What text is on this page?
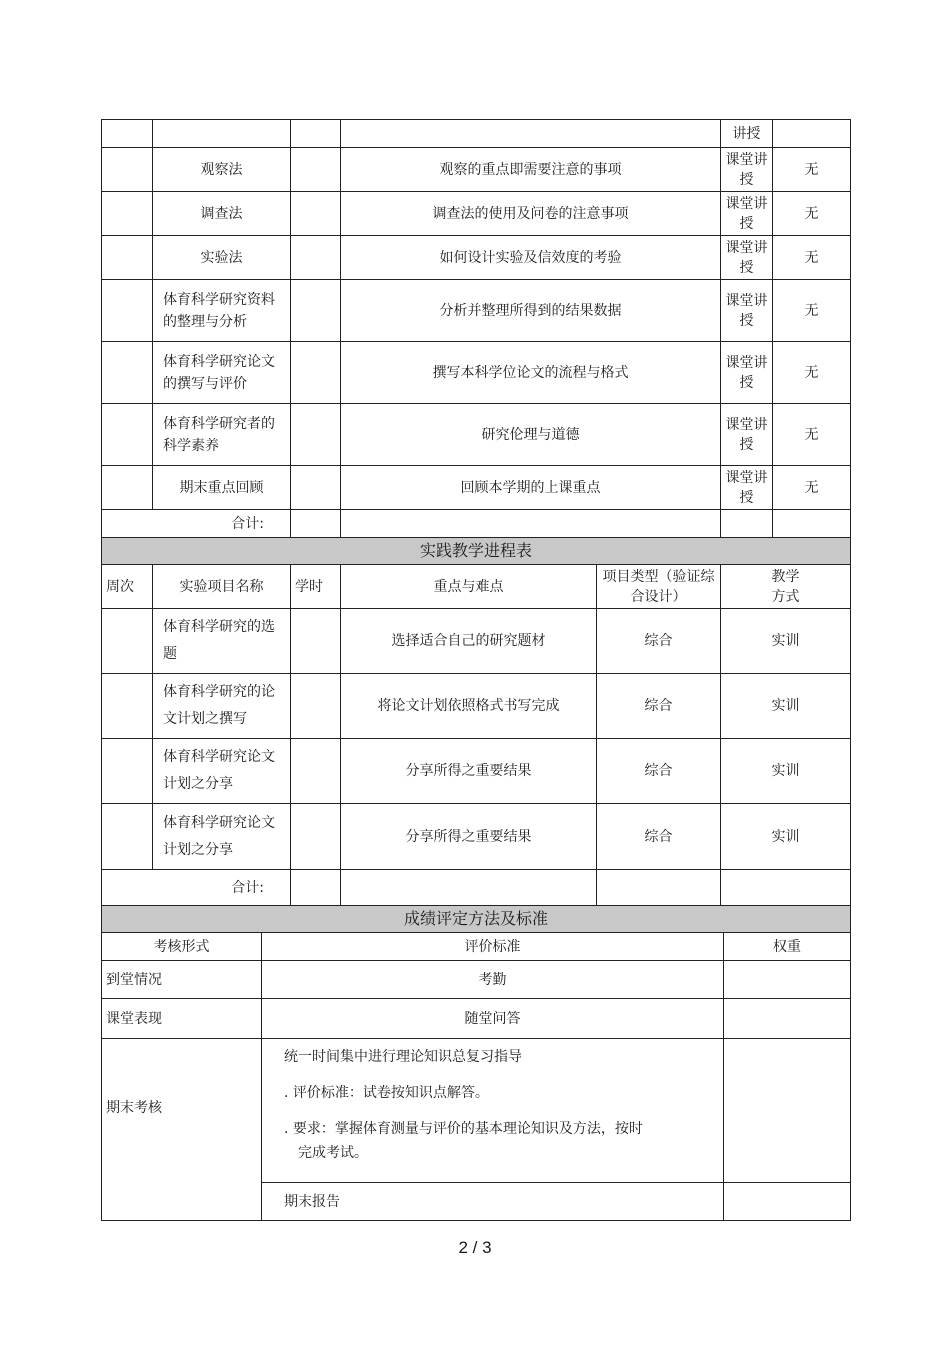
				讲授	
	观察法		观察的重点即需要注意的事项	课堂讲授	无
	调查法		调查法的使用及问卷的注意事项	课堂讲授	无
	实验法		如何设计实验及信效度的考验	课堂讲授	无
	体育科学研究资料的整理与分析		分析并整理所得到的结果数据	课堂讲授	无
	体育科学研究论文的撰写与评价		撰写本科学位论文的流程与格式	课堂讲授	无
	体育科学研究者的科学素养		研究伦理与道德	课堂讲授	无
	期末重点回顾		回顾本学期的上课重点	课堂讲授	无
合计:					
实践教学进程表					
周次	实验项目名称	学时	重点与难点	项目类型（验证综合设计）	教学方式
	体育科学研究的选题		选择适合自己的研究题材	综合	实训
	体育科学研究的论文计划之撰写		将论文计划依照格式书写完成	综合	实训
	体育科学研究论文计划之分享		分享所得之重要结果	综合	实训
	体育科学研究论文计划之分享		分享所得之重要结果	综合	实训
合计:					
成绩评定方法及标准		
考核形式	评价标准	权重
到堂情况	考勤	
课堂表现	随堂问答	
期末考核	统一时间集中进行理论知识总复习指导

. 评价标准：试卷按知识点解答。

. 要求：掌握体育测量与评价的基本理论知识及方法，按时
完成考试。	

	期末报告	
2 / 3
